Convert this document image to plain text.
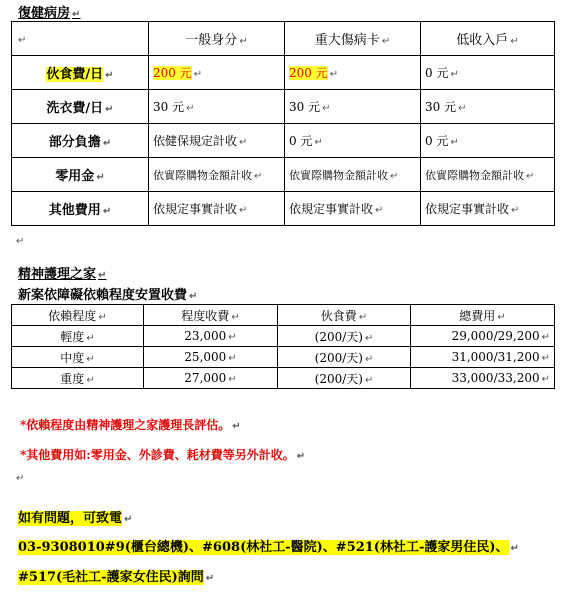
復健病房 ↵
↵	一般身分 ↵	重大傷病卡 ↵	低收入戶 ↵
伙食費/日 ↵	200 元 ↵	200 元 ↵	0 元 ↵
洗衣費/日 ↵	30 元 ↵	30 元 ↵	30 元 ↵
部分負擔 ↵	依健保規定計收 ↵	0 元 ↵	0 元 ↵
零用金 ↵	依實際購物金額計收 ↵	依實際購物金額計收 ↵	依實際購物金額計收 ↵
其他費用 ↵	依規定事實計收 ↵	依規定事實計收 ↵	依規定事實計收 ↵
↵
精神護理之家 ↵
新案依障礙依賴程度安置收費 ↵
依賴程度 ↵	程度收費 ↵	伙食費 ↵	總費用 ↵
輕度 ↵	23,000 ↵	(200/天) ↵	29,000/29,200 ↵
中度 ↵	25,000 ↵	(200/天) ↵	31,000/31,200 ↵
重度 ↵	27,000 ↵	(200/天) ↵	33,000/33,200 ↵
*依賴程度由精神護理之家護理長評估。 ↵
*其他費用如:零用金、外診費、耗材費等另外計收。 ↵
↵
如有問題，可致電 ↵
03-9308010#9(櫃台總機)、#608(林社工-醫院)、#521(林社工-護家男住民)、 ↵
#517(毛社工-護家女住民)詢問 ↵
